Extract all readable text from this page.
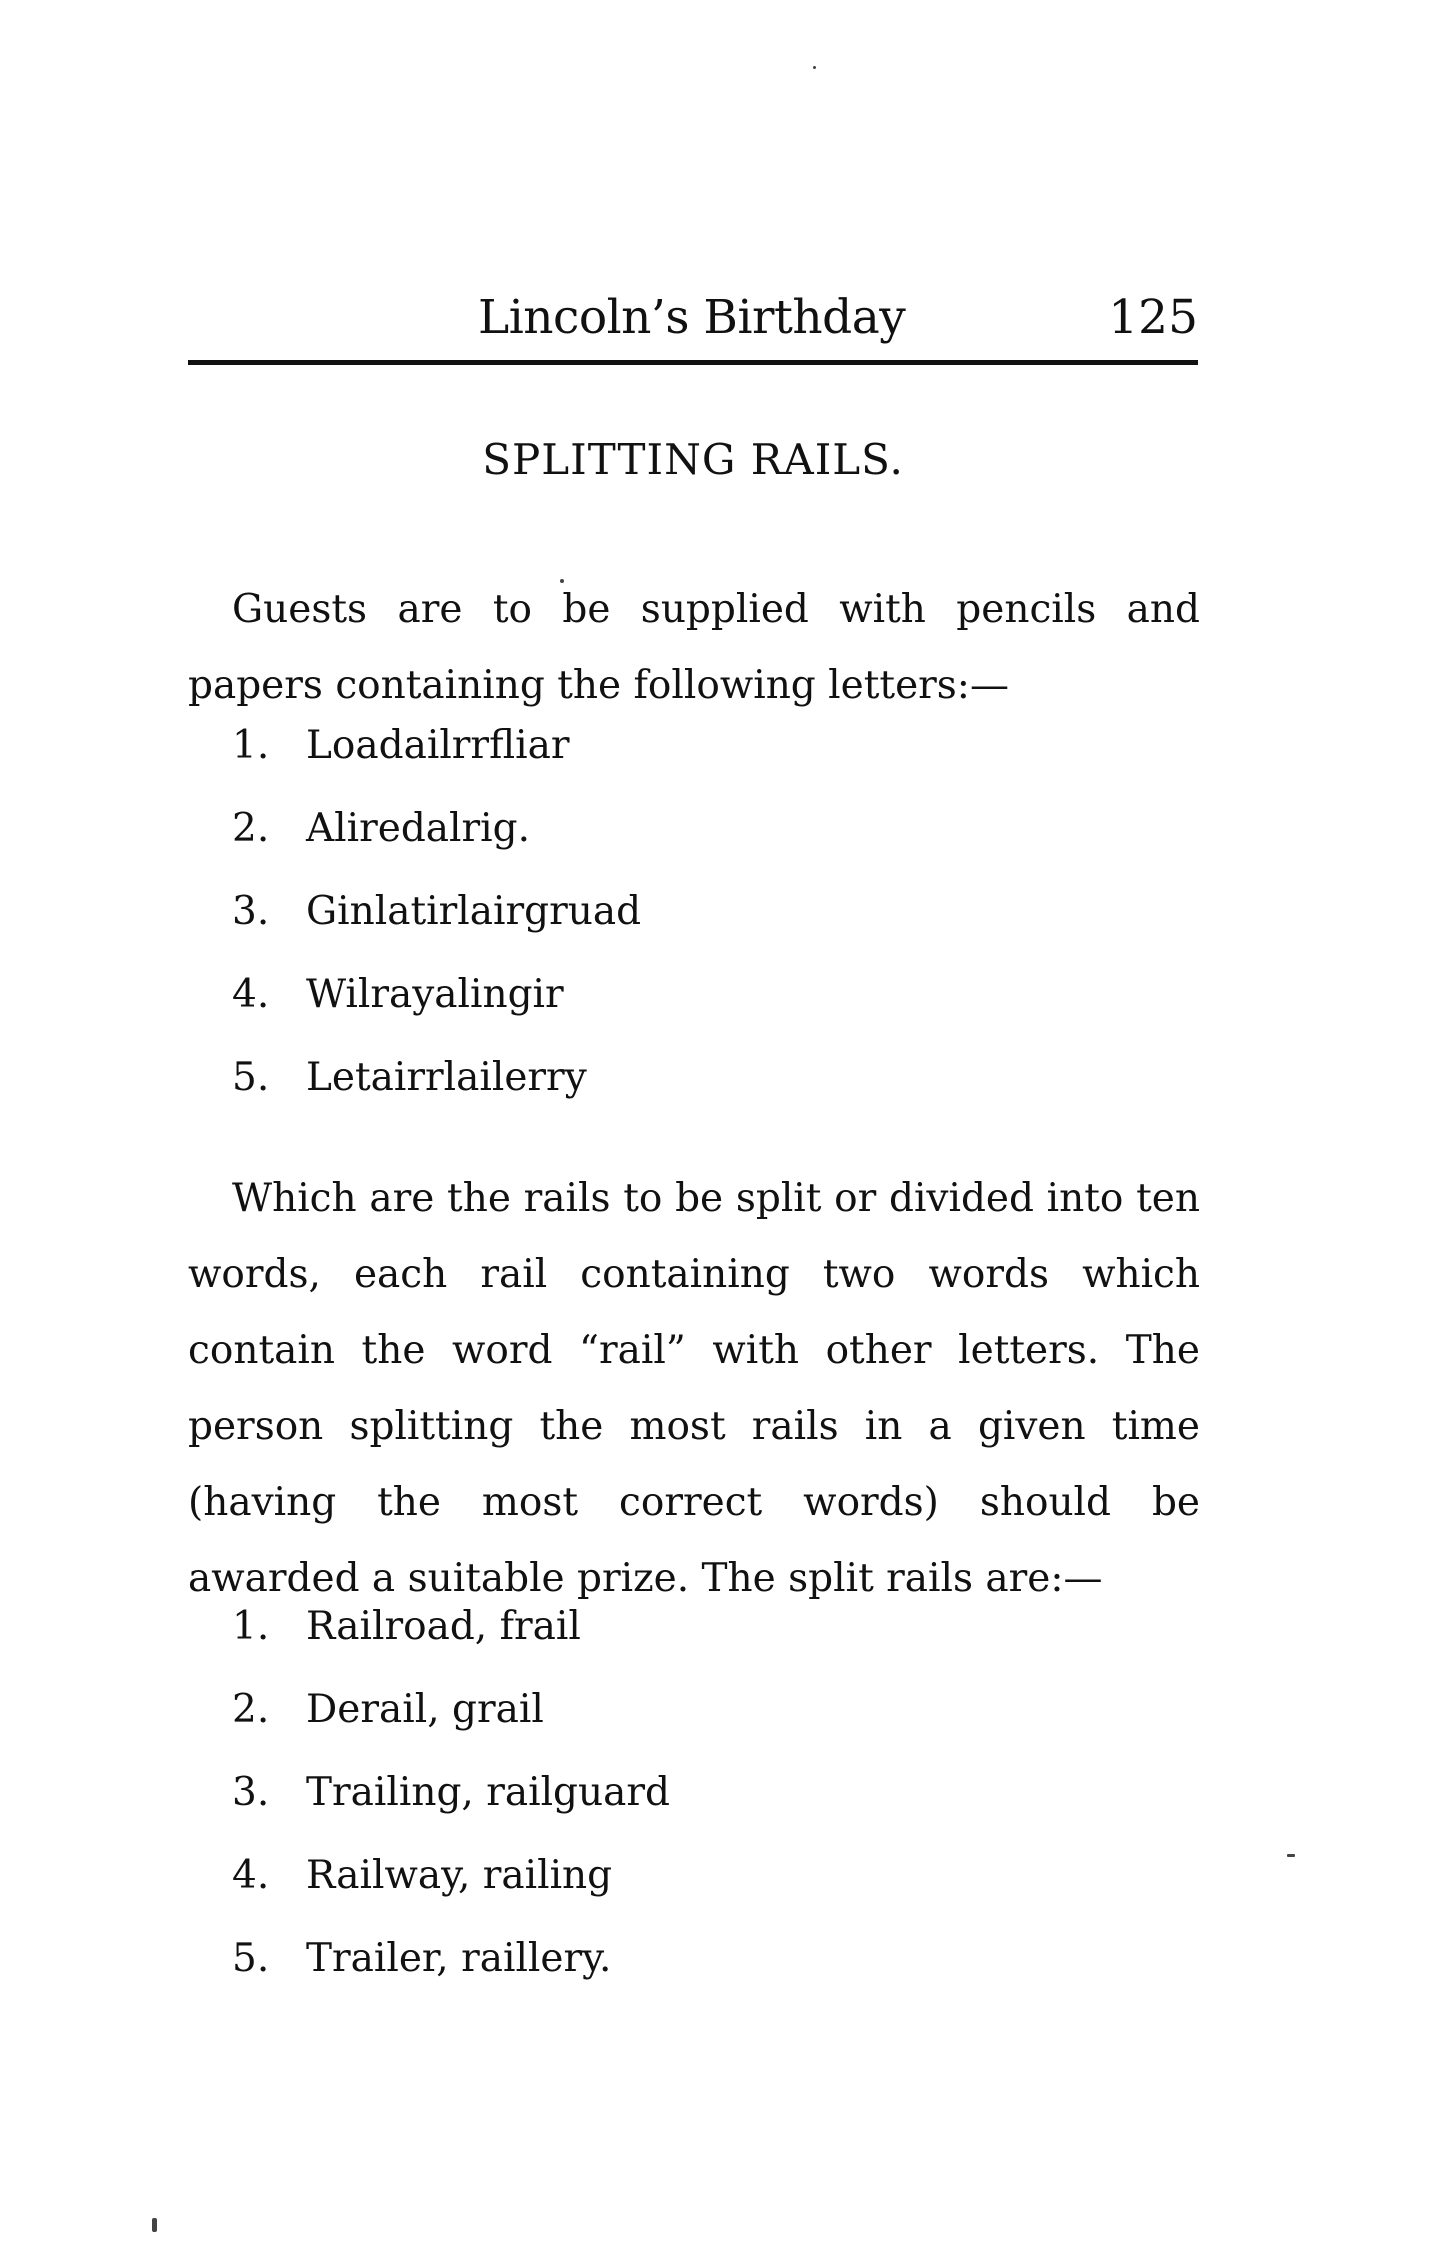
Lincoln’s Birthday	125
SPLITTING RAILS.

Guests are to be supplied with pencils and papers containing the following letters:—

1. Loadailrrfliar
2. Aliredalrig.
3. Ginlatirlairgruad
4. Wilrayalingir
5. Letairrlailerry

Which are the rails to be split or divided into ten words, each rail containing two words which contain the word “rail” with other letters. The person splitting the most rails in a given time (having the most correct words) should be awarded a suitable prize. The split rails are:—

1. Railroad, frail
2. Derail, grail
3. Trailing, railguard
4. Railway, railing
5. Trailer, raillery.
